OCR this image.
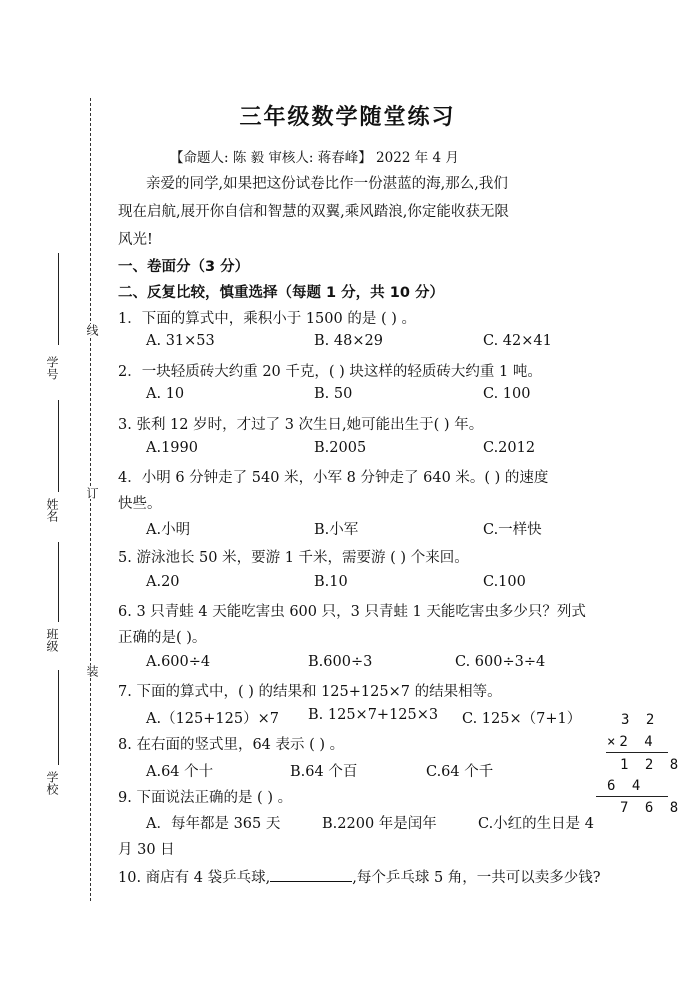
学号
姓名
班级
学校
线
订
装
三年级数学随堂练习
【命题人: 陈 毅 审核人: 蒋春峰】 2022 年 4 月
亲爱的同学,如果把这份试卷比作一份湛蓝的海,那么,我们
现在启航,展开你自信和智慧的双翼,乘风踏浪,你定能收获无限
风光!
一、卷面分（3 分）
二、反复比较，慎重选择（每题 1 分，共 10 分）
1．下面的算式中，乘积小于 1500 的是 ( ) 。
A. 31×53	B. 48×29	C. 42×41
2．一块轻质砖大约重 20 千克，( ) 块这样的轻质砖大约重 1 吨。
A. 10	B. 50	C. 100
3. 张利 12 岁时，才过了 3 次生日,她可能出生于( ) 年。
A.1990	B.2005	C.2012
4．小明 6 分钟走了 540 米，小军 8 分钟走了 640 米。( ) 的速度
快些。
A.小明	B.小军	C.一样快
5. 游泳池长 50 米，要游 1 千米，需要游 ( ) 个来回。
A.20	B.10	C.100
6. 3 只青蛙 4 天能吃害虫 600 只，3 只青蛙 1 天能吃害虫多少只？列式
正确的是( )。
A.600÷4	B.600÷3	C. 600÷3÷4
7. 下面的算式中，( ) 的结果和 125+125×7 的结果相等。
A.（125+125）×7 B. 125×7+125×3 C. 125×（7+1）
8. 在右面的竖式里，64 表示 ( ) 。
A.64 个十	B.64 个百	C.64 个千
9. 下面说法正确的是 ( ) 。
A．每年都是 365 天	B.2200 年是闰年	C.小红的生日是 4
月 30 日
10. 商店有 4 袋乒乓球,	,每个乒乓球 5 角，一共可以卖多少钱?
3 2
×2 4
1 2 8
6 4
7 6 8
